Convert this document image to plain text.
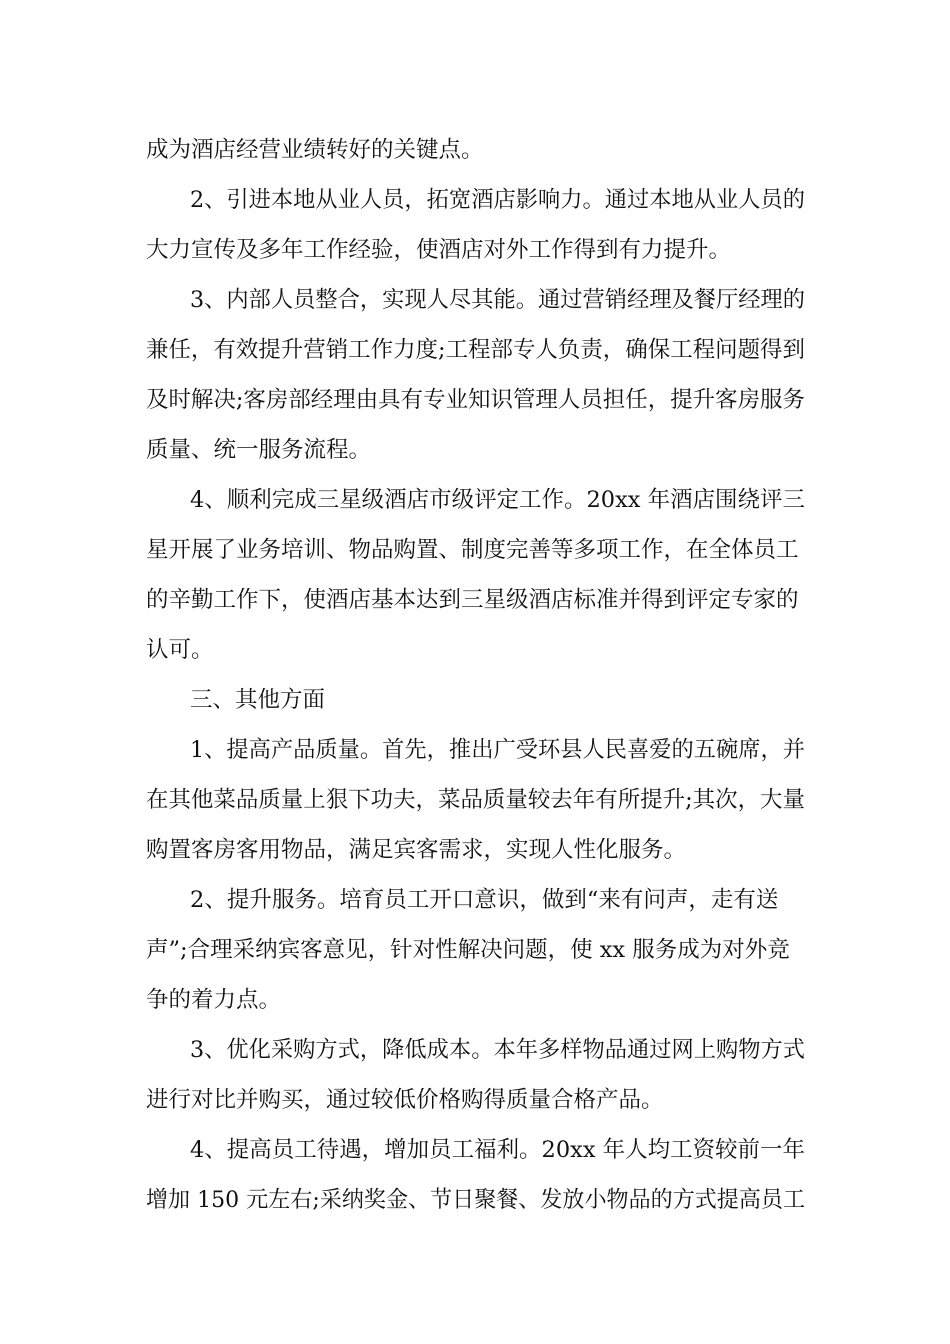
成为酒店经营业绩转好的关键点。
2、引进本地从业人员，拓宽酒店影响力。通过本地从业人员的
大力宣传及多年工作经验，使酒店对外工作得到有力提升。
3、内部人员整合，实现人尽其能。通过营销经理及餐厅经理的
兼任，有效提升营销工作力度;工程部专人负责，确保工程问题得到
及时解决;客房部经理由具有专业知识管理人员担任，提升客房服务
质量、统一服务流程。
4、顺利完成三星级酒店市级评定工作。20xx 年酒店围绕评三
星开展了业务培训、物品购置、制度完善等多项工作，在全体员工
的辛勤工作下，使酒店基本达到三星级酒店标准并得到评定专家的
认可。
三、其他方面
1、提高产品质量。首先，推出广受环县人民喜爱的五碗席，并
在其他菜品质量上狠下功夫，菜品质量较去年有所提升;其次，大量
购置客房客用物品，满足宾客需求，实现人性化服务。
2、提升服务。培育员工开口意识，做到“来有问声，走有送
声”;合理采纳宾客意见，针对性解决问题，使 xx 服务成为对外竞
争的着力点。
3、优化采购方式，降低成本。本年多样物品通过网上购物方式
进行对比并购买，通过较低价格购得质量合格产品。
4、提高员工待遇，增加员工福利。20xx 年人均工资较前一年
增加 150 元左右;采纳奖金、节日聚餐、发放小物品的方式提高员工
